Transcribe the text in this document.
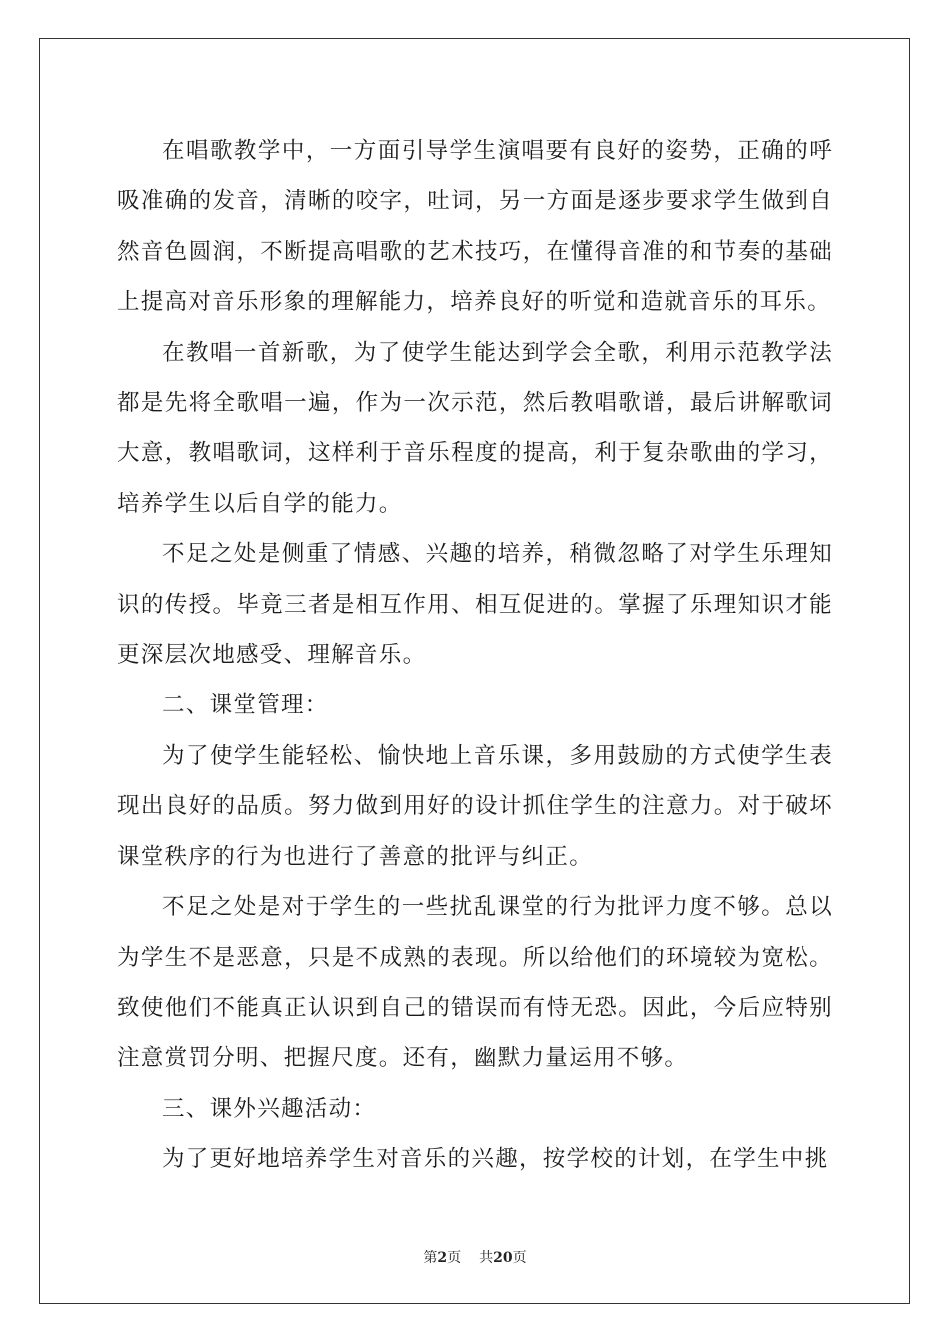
在唱歌教学中，一方面引导学生演唱要有良好的姿势，正确的呼吸准确的发音，清晰的咬字，吐词，另一方面是逐步要求学生做到自然音色圆润，不断提高唱歌的艺术技巧，在懂得音准的和节奏的基础上提高对音乐形象的理解能力，培养良好的听觉和造就音乐的耳乐。

在教唱一首新歌，为了使学生能达到学会全歌，利用示范教学法都是先将全歌唱一遍，作为一次示范，然后教唱歌谱，最后讲解歌词大意，教唱歌词，这样利于音乐程度的提高，利于复杂歌曲的学习，培养学生以后自学的能力。

不足之处是侧重了情感、兴趣的培养，稍微忽略了对学生乐理知识的传授。毕竟三者是相互作用、相互促进的。掌握了乐理知识才能更深层次地感受、理解音乐。

二、课堂管理：

为了使学生能轻松、愉快地上音乐课，多用鼓励的方式使学生表现出良好的品质。努力做到用好的设计抓住学生的注意力。对于破坏课堂秩序的行为也进行了善意的批评与纠正。

不足之处是对于学生的一些扰乱课堂的行为批评力度不够。总以为学生不是恶意，只是不成熟的表现。所以给他们的环境较为宽松。致使他们不能真正认识到自己的错误而有恃无恐。因此，今后应特别注意赏罚分明、把握尺度。还有，幽默力量运用不够。

三、课外兴趣活动：

为了更好地培养学生对音乐的兴趣，按学校的计划，在学生中挑

第2页 共20页
